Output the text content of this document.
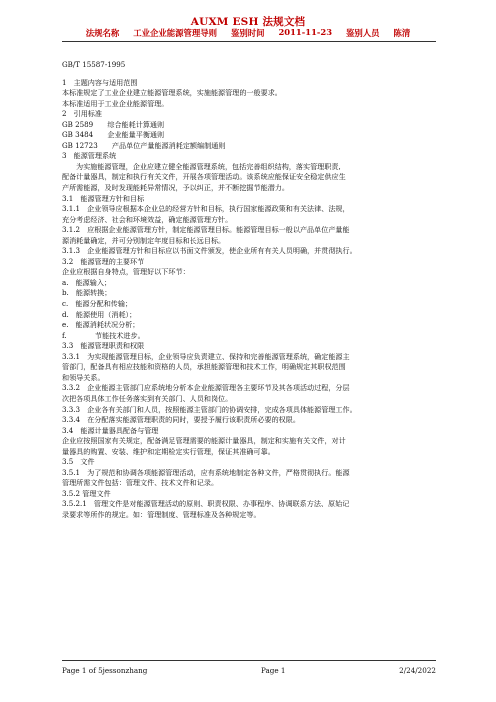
AUXM ESH 法规文档
法规名称 工业企业能源管理导则 鉴别时间 2011-11-23 鉴别人员 陈清
GB/T 15587-1995
1　主题内容与适用范围
本标准规定了工业企业建立能源管理系统，实施能源管理的一般要求。
本标准适用于工业企业能源管理。
2　引用标准
GB 2589　　综合能耗计算通则
GB 3484　　企业能量平衡通则
GB 12723　　产品单位产量能源消耗定额编制通则
3　能源管理系统
为实施能源管理，企业应建立健全能源管理系统，包括完善组织结构，落实管理职责,
配备计量器具，制定和执行有关文件，开展各项管理活动。该系统应能保证安全稳定供应生
产所需能源，及时发现能耗异常情况，予以纠正，并不断挖掘节能潜力。
3.1　能源管理方针和目标
3.1.1　企业领导应根据本企业总的经营方针和目标，执行国家能源政策和有关法律、法规，
充分考虑经济、社会和环境效益，确定能源管理方针。
3.1.2　应根据企业能源管理方针，制定能源管理目标。能源管理目标一般以产品单位产量能
源消耗量确定，并可分别制定年度目标和长远目标。
3.1.3　企业能源管理方针和目标应以书面文件颁发，使企业所有有关人员明确，并贯彻执行。
3.2　能源管理的主要环节
企业应根据自身特点，管理好以下环节：
a.　能源输入；
b.　能源转换；
c.　能源分配和传输；
d.　能源使用（消耗）；
e.　能源消耗状况分析；
f.　　　　节能技术进步。
3.3　能源管理职责和权限
3.3.1　为实现能源管理目标，企业领导应负责建立、保持和完善能源管理系统，确定能源主
管部门，配备具有相应技能和资格的人员，承担能源管理和技术工作，明确规定其职权范围
和领导关系。
3.3.2　企业能源主管部门应系统地分析本企业能源管理各主要环节及其各项活动过程，分层
次把各项具体工作任务落实到有关部门、人员和岗位。
3.3.3　企业各有关部门和人员，按照能源主管部门的协调安排，完成各项具体能源管理工作。
3.3.4　在分配落实能源管理职责的同时，要授予履行该职责所必要的权限。
3.4　能源计量器具配备与管理
企业应按照国家有关规定，配备满足管理需要的能源计量器具，制定和实施有关文件，对计
量器具的购置、安装、维护和定期检定实行管理，保证其准确可靠。
3.5　文件
3.5.1　为了规范和协调各项能源管理活动，应有系统地制定各种文件，严格贯彻执行。能源
管理所需文件包括：管理文件、技术文件和记录。
3.5.2 管理文件
3.5.2.1　管理文件是对能源管理活动的原则、职责权限、办事程序、协调联系方法、原始记
录要求等所作的规定。如：管理制度、管理标准及各种规定等。
Page 1 of 5jessonzhang	Page 1	2/24/2022
